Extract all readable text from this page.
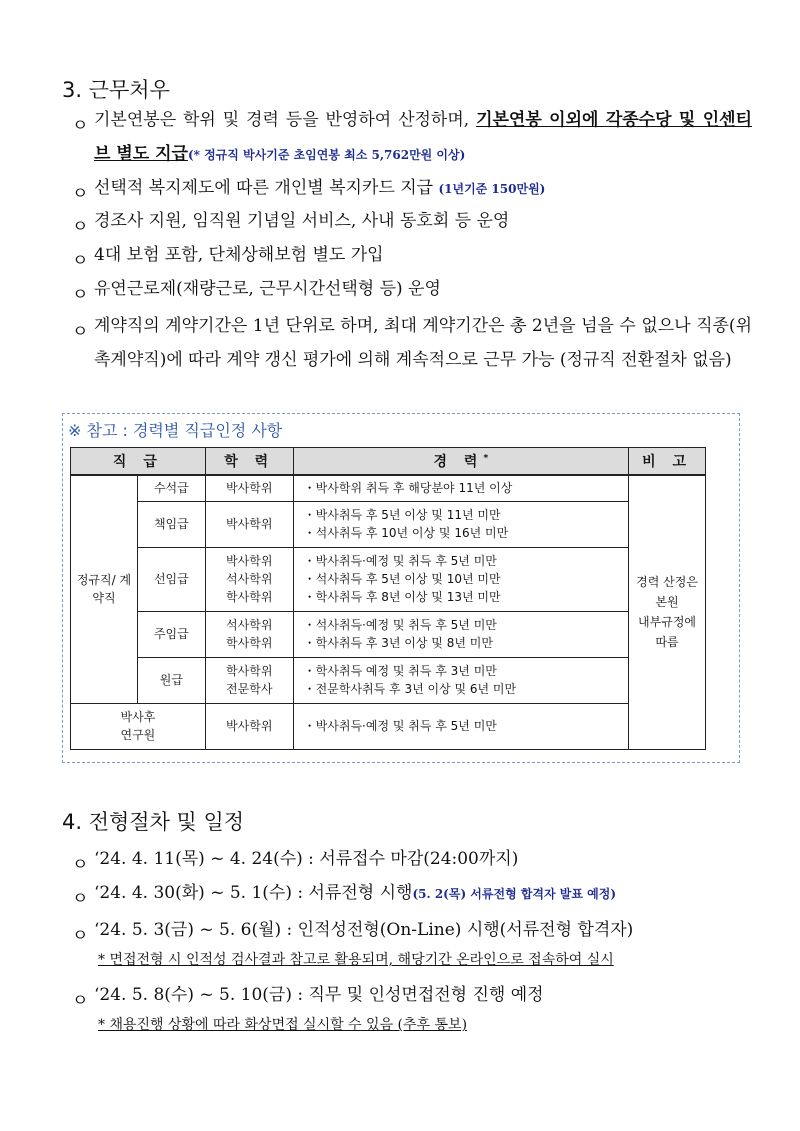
3. 근무처우
ㅇ 기본연봉은 학위 및 경력 등을 반영하여 산정하며, 기본연봉 이외에 각종수당 및 인센티브 별도 지급(* 정규직 박사기준 초임연봉 최소 5,762만원 이상)
ㅇ 선택적 복지제도에 따른 개인별 복지카드 지급 (1년기준 150만원)
ㅇ 경조사 지원, 임직원 기념일 서비스, 사내 동호회 등 운영
ㅇ 4대 보험 포함, 단체상해보험 별도 가입
ㅇ 유연근로제(재량근로, 근무시간선택형 등) 운영
ㅇ 계약직의 계약기간은 1년 단위로 하며, 최대 계약기간은 총 2년을 넘을 수 없으나 직종(위촉계약직)에 따라 계약 갱신 평가에 의해 계속적으로 근무 가능 (정규직 전환절차 없음)
※ 참고 : 경력별 직급인정 사항
직 급		학 력	경 력*	비 고
정규직/ 계약직	수석급	박사학위	・박사학위 취득 후 해당분야 11년 이상	경력 산정은
본원
내부규정에
따름
	책임급	박사학위	・박사취득 후 5년 이상 및 11년 미만
・석사취득 후 10년 이상 및 16년 미만	
	선임급	박사학위
석사학위
학사학위	・박사취득·예정 및 취득 후 5년 미만
・석사취득 후 5년 이상 및 10년 미만
・학사취득 후 8년 이상 및 13년 미만	
	주임급	석사학위
학사학위	・석사취득·예정 및 취득 후 5년 미만
・학사취득 후 3년 이상 및 8년 미만	
	원급	학사학위
전문학사	・학사취득 예정 및 취득 후 3년 미만
・전문학사취득 후 3년 이상 및 6년 미만	
박사후
연구원		박사학위	・박사취득·예정 및 취득 후 5년 미만	
4. 전형절차 및 일정
ㅇ ‘24. 4. 11(목) ~ 4. 24(수) : 서류접수 마감(24:00까지)
ㅇ ‘24. 4. 30(화) ~ 5. 1(수) : 서류전형 시행(5. 2(목) 서류전형 합격자 발표 예정)
ㅇ ‘24. 5. 3(금) ~ 5. 6(월) : 인적성전형(On-Line) 시행(서류전형 합격자)
* 면접전형 시 인적성 검사결과 참고로 활용되며, 해당기간 온라인으로 접속하여 실시
ㅇ ‘24. 5. 8(수) ~ 5. 10(금) : 직무 및 인성면접전형 진행 예정
* 채용진행 상황에 따라 화상면접 실시할 수 있음 (추후 통보)
